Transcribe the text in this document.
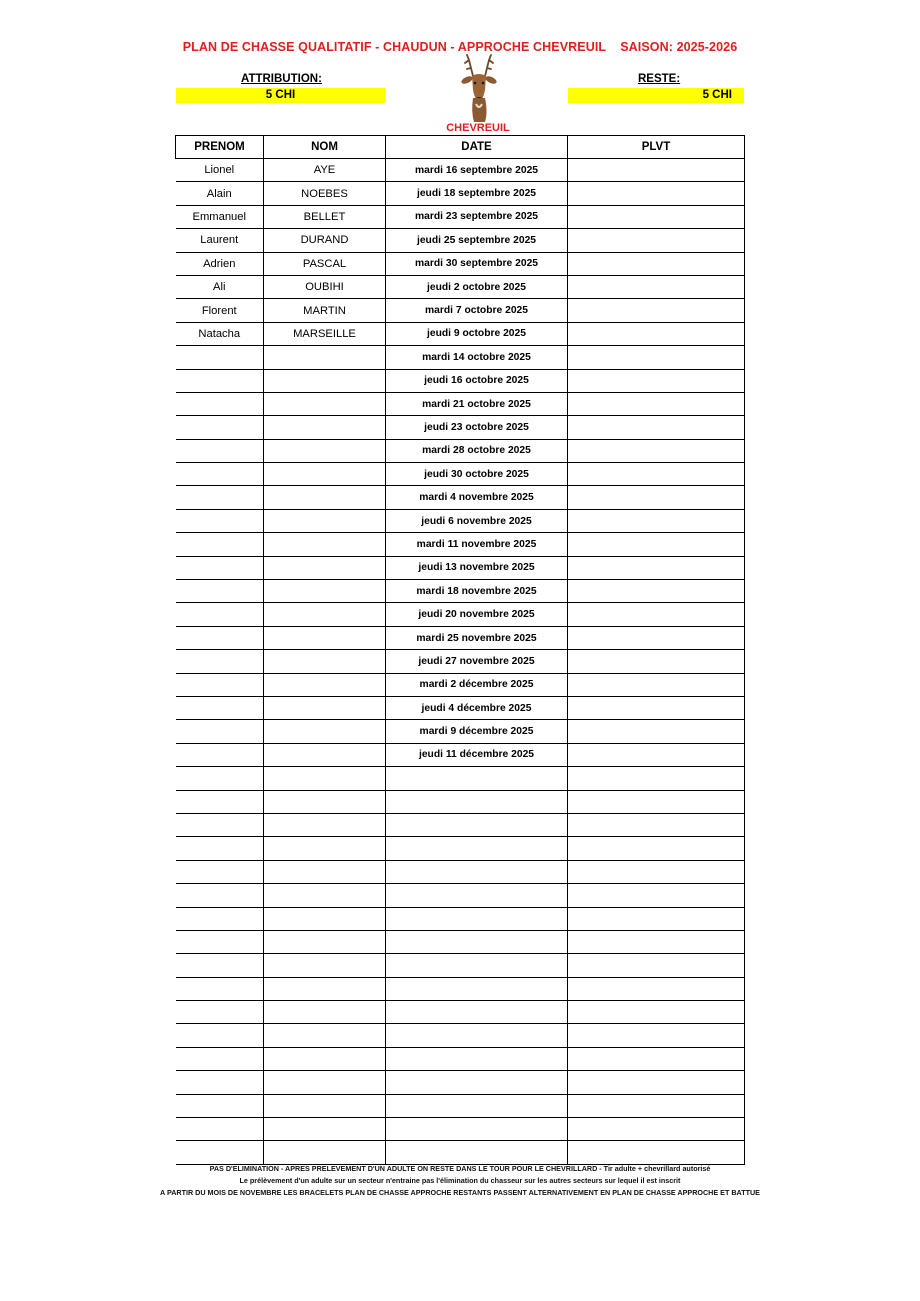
PLAN DE CHASSE QUALITATIF - CHAUDUN - APPROCHE CHEVREUIL    SAISON: 2025-2026
ATTRIBUTION:
5 CHI
RESTE:
5 CHI
CHEVREUIL
PRENOM	NOM	DATE	PLVT
Lionel	AYE	mardi 16 septembre 2025	
Alain	NOEBES	jeudi 18 septembre 2025	
Emmanuel	BELLET	mardi 23 septembre 2025	
Laurent	DURAND	jeudi 25 septembre 2025	
Adrien	PASCAL	mardi 30 septembre 2025	
Ali	OUBIHI	jeudi 2 octobre 2025	
Florent	MARTIN	mardi 7 octobre 2025	
Natacha	MARSEILLE	jeudi 9 octobre 2025	
		mardi 14 octobre 2025	
		jeudi 16 octobre 2025	
		mardi 21 octobre 2025	
		jeudi 23 octobre 2025	
		mardi 28 octobre 2025	
		jeudi 30 octobre 2025	
		mardi 4 novembre 2025	
		jeudi 6 novembre 2025	
		mardi 11 novembre 2025	
		jeudi 13 novembre 2025	
		mardi 18 novembre 2025	
		jeudi 20 novembre 2025	
		mardi 25 novembre 2025	
		jeudi 27 novembre 2025	
		mardi 2 décembre 2025	
		jeudi 4 décembre 2025	
		mardi 9 décembre 2025	
		jeudi 11 décembre 2025	

PAS D'ELIMINATION - APRES PRELEVEMENT D'UN ADULTE ON RESTE DANS LE TOUR POUR LE CHEVRILLARD - Tir adulte + chevrillard autorisé
Le prélèvement d'un adulte sur un secteur n'entraine pas l'élimination du chasseur sur les autres secteurs sur lequel il est inscrit
A PARTIR DU MOIS DE NOVEMBRE LES BRACELETS PLAN DE CHASSE APPROCHE RESTANTS PASSENT ALTERNATIVEMENT EN PLAN DE CHASSE APPROCHE ET BATTUE
